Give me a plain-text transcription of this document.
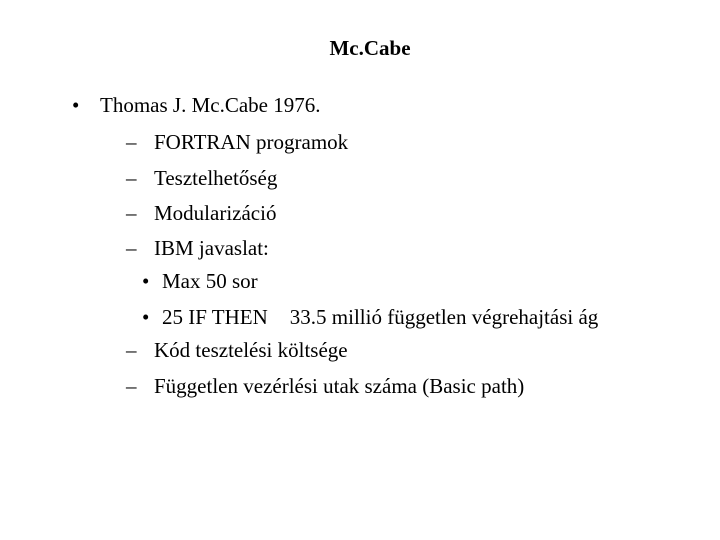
Mc.Cabe
• Thomas J. Mc.Cabe 1976.
– FORTRAN programok
– Tesztelhetőség
– Modularizáció
– IBM javaslat:
• Max 50 sor
• 25 IF THEN 33.5 millió független végrehajtási ág
– Kód tesztelési költsége
– Független vezérlési utak száma (Basic path)
